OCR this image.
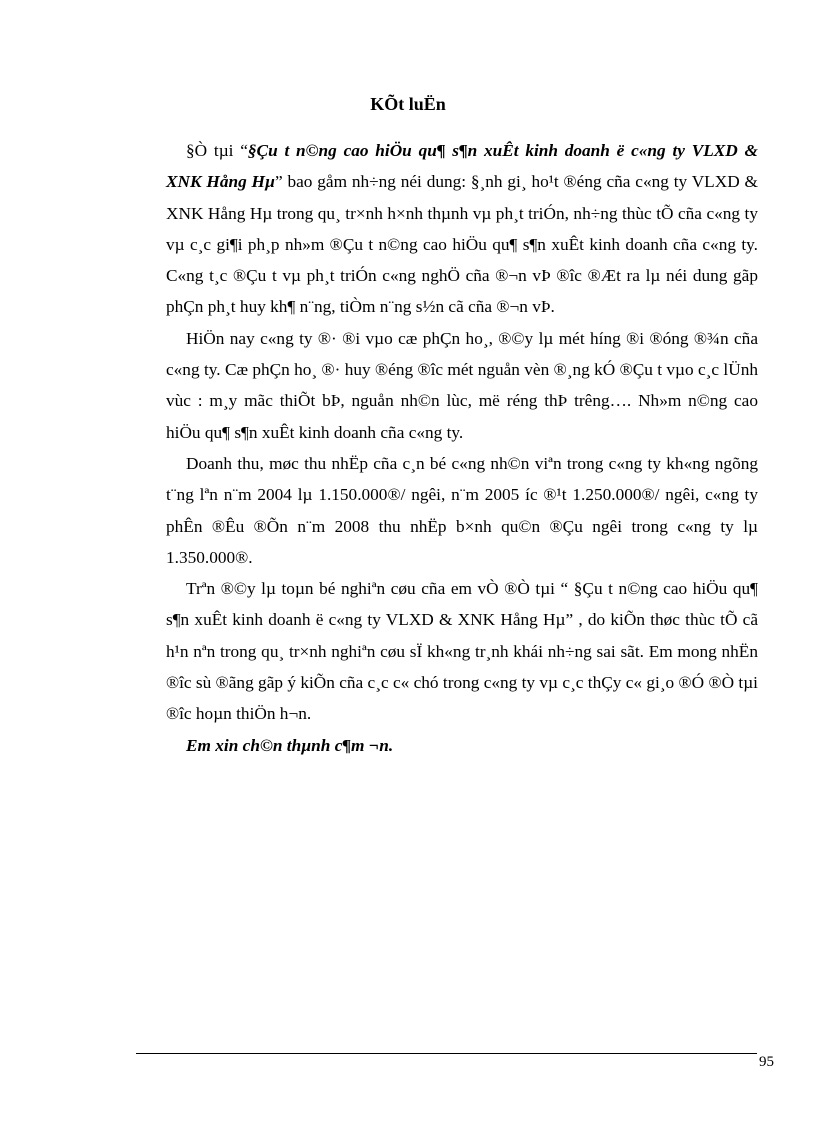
KÕt luËn

§Ò tµi “§Çu t n©ng cao hiÖu qu¶ s¶n xuÊt kinh doanh ë c«ng ty VLXD & XNK Hång Hµ” bao gåm nh÷ng néi dung: §¸nh gi¸ ho¹t ®éng cña c«ng ty VLXD & XNK Hång Hµ trong qu¸ tr×nh h×nh thµnh vµ ph¸t triÓn, nh÷ng thùc tÕ cña c«ng ty vµ c¸c gi¶i ph¸p nh»m ®Çu t n©ng cao hiÖu qu¶ s¶n xuÊt kinh doanh cña c«ng ty. C«ng t¸c ®Çu t vµ ph¸t triÓn c«ng nghÖ cña ®¬n vÞ ®îc ®Æt ra lµ néi dung gãp phÇn ph¸t huy kh¶ n¨ng, tiÒm n¨ng s½n cã cña ®¬n vÞ.

HiÖn nay c«ng ty ®· ®i vµo cæ phÇn ho¸, ®©y lµ mét híng ®i ®óng ®¾n cña c«ng ty. Cæ phÇn ho¸ ®· huy ®éng ®îc mét nguån vèn ®¸ng kÓ ®Çu t vµo c¸c lÜnh vùc : m¸y mãc thiÕt bÞ, nguån nh©n lùc, më réng thÞ trêng…. Nh»m n©ng cao hiÖu qu¶ s¶n xuÊt kinh doanh cña c«ng ty.

Doanh thu, møc thu nhËp cña c¸n bé c«ng nh©n viªn trong c«ng ty kh«ng ngõng t¨ng lªn n¨m 2004 lµ 1.150.000®/ ngêi, n¨m 2005 íc ®¹t 1.250.000®/ ngêi, c«ng ty phÊn ®Êu ®Õn n¨m 2008 thu nhËp b×nh qu©n ®Çu ngêi trong c«ng ty lµ 1.350.000®.

Trªn ®©y lµ toµn bé nghiªn cøu cña em vÒ ®Ò tµi “ §Çu t n©ng cao hiÖu qu¶ s¶n xuÊt kinh doanh ë c«ng ty VLXD & XNK Hång Hµ” , do kiÕn thøc thùc tÕ cã h¹n nªn trong qu¸ tr×nh nghiªn cøu sÏ kh«ng tr¸nh khái nh÷ng sai sãt. Em mong nhËn ®îc sù ®ãng gãp ý kiÕn cña c¸c c« chó trong c«ng ty vµ c¸c thÇy c« gi¸o ®Ó ®Ò tµi ®îc hoµn thiÖn h¬n.

Em xin ch©n thµnh c¶m ¬n.

95
